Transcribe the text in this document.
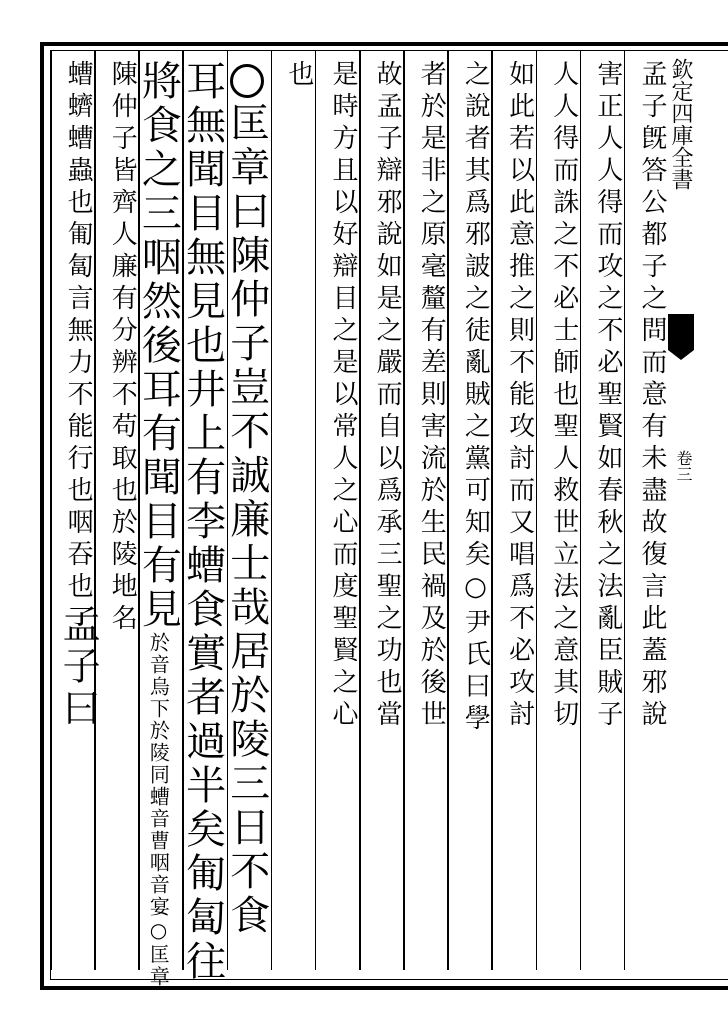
欽定四庫全書
卷三
孟子旣答公都子之問而意有未盡故復言此蓋邪說
害正人人得而攻之不必聖賢如春秋之法亂臣賊子
人人得而誅之不必士師也聖人救世立法之意其切
如此若以此意推之則不能攻討而又唱爲不必攻討
之說者其爲邪詖之徒亂賊之黨可知矣○尹氏曰學
者於是非之原毫釐有差則害流於生民禍及於後世
故孟子辯邪說如是之嚴而自以爲承三聖之功也當
是時方且以好辯目之是以常人之心而度聖賢之心
也
匡章曰陳仲子豈不誠廉士哉居於陵三日不食
耳無聞目無見也井上有李螬食實者過半矣匍匐往
將食之三咽然後耳有聞目有見於音烏下於陵同螬音曹咽音宴○匡章
陳仲子皆齊人廉有分辨不苟取也於陵地名
螬蠐螬蟲也匍匐言無力不能行也咽吞也孟子曰
